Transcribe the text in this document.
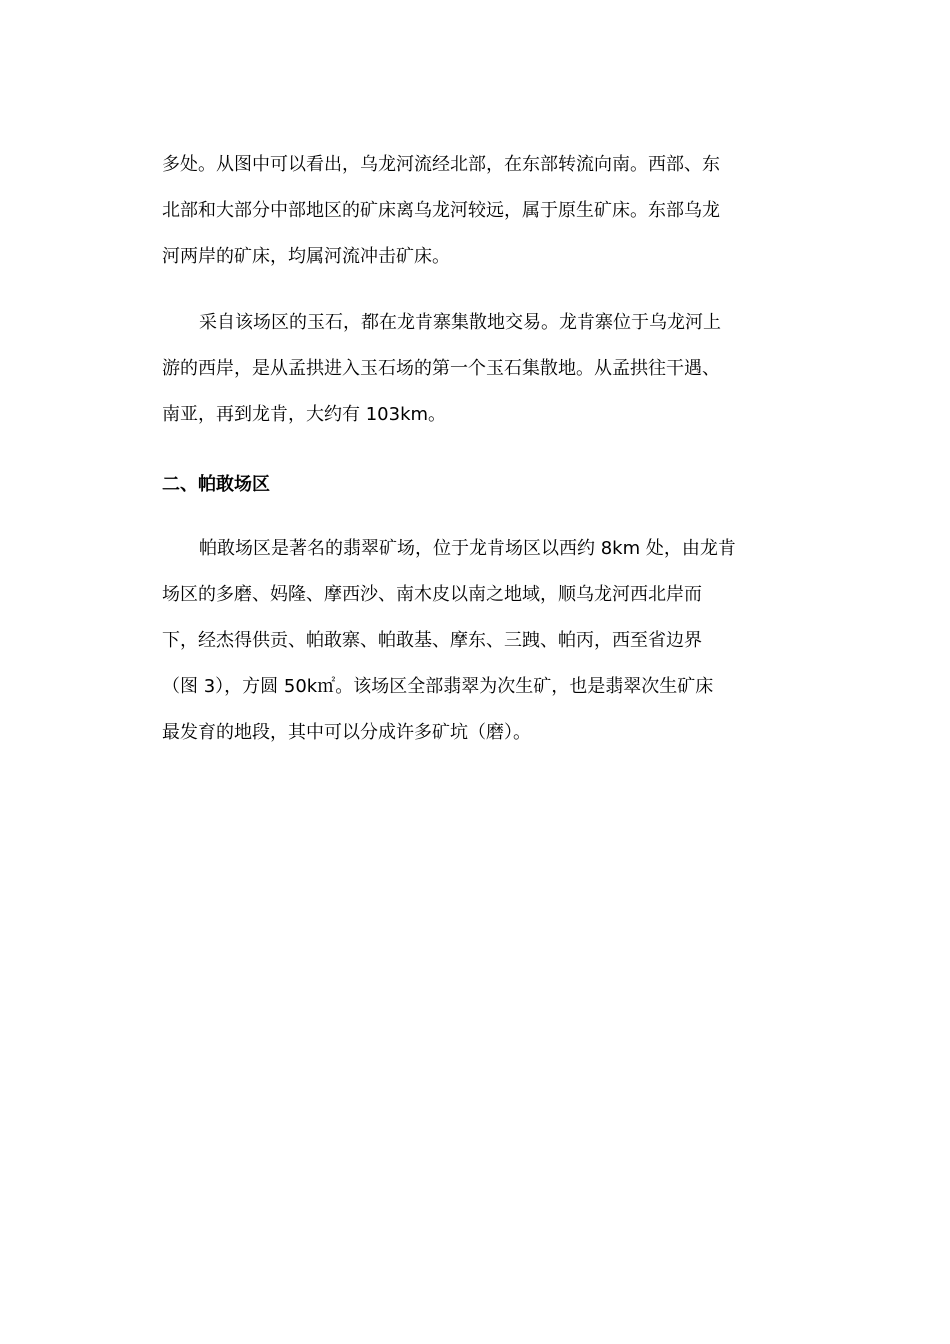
多处。从图中可以看出，乌龙河流经北部，在东部转流向南。西部、东
北部和大部分中部地区的矿床离乌龙河较远，属于原生矿床。东部乌龙
河两岸的矿床，均属河流冲击矿床。

采自该场区的玉石，都在龙肯寨集散地交易。龙肯寨位于乌龙河上
游的西岸，是从孟拱进入玉石场的第一个玉石集散地。从孟拱往干遇、
南亚，再到龙肯，大约有 103km。

二、帕敢场区

帕敢场区是著名的翡翠矿场，位于龙肯场区以西约 8km 处，由龙肯
场区的多磨、妈隆、摩西沙、南木皮以南之地域，顺乌龙河西北岸而
下，经杰得供贡、帕敢寨、帕敢基、摩东、三跩、帕丙，西至省边界
（图 3），方圆 50k㎡。该场区全部翡翠为次生矿，也是翡翠次生矿床
最发育的地段，其中可以分成许多矿坑（磨）。
